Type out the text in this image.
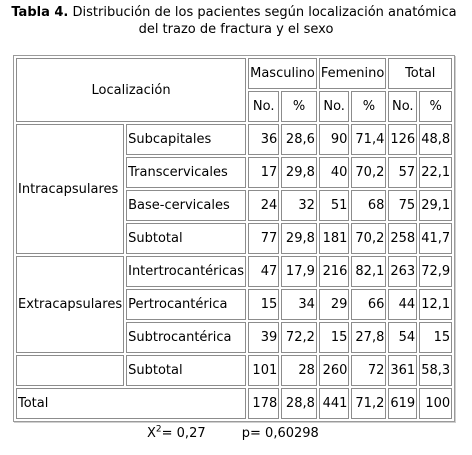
Tabla 4. Distribución de los pacientes según localización anatómica
del trazo de fractura y el sexo
Localización		Masculino		Femenino		Total	
		No.	%	No.	%	No.	%
Intracapsulares	Subcapitales	36	28,6	90	71,4	126	48,8
	Transcervicales	17	29,8	40	70,2	57	22,1
	Base-cervicales	24	32	51	68	75	29,1
	Subtotal	77	29,8	181	70,2	258	41,7
Extracapsulares	Intertrocantéricas	47	17,9	216	82,1	263	72,9
	Pertrocantérica	15	34	29	66	44	12,1
	Subtrocantérica	39	72,2	15	27,8	54	15
	Subtotal	101	28	260	72	361	58,3
Total		178	28,8	441	71,2	619	100
$X^2= 0,27$	p= 0,60298
